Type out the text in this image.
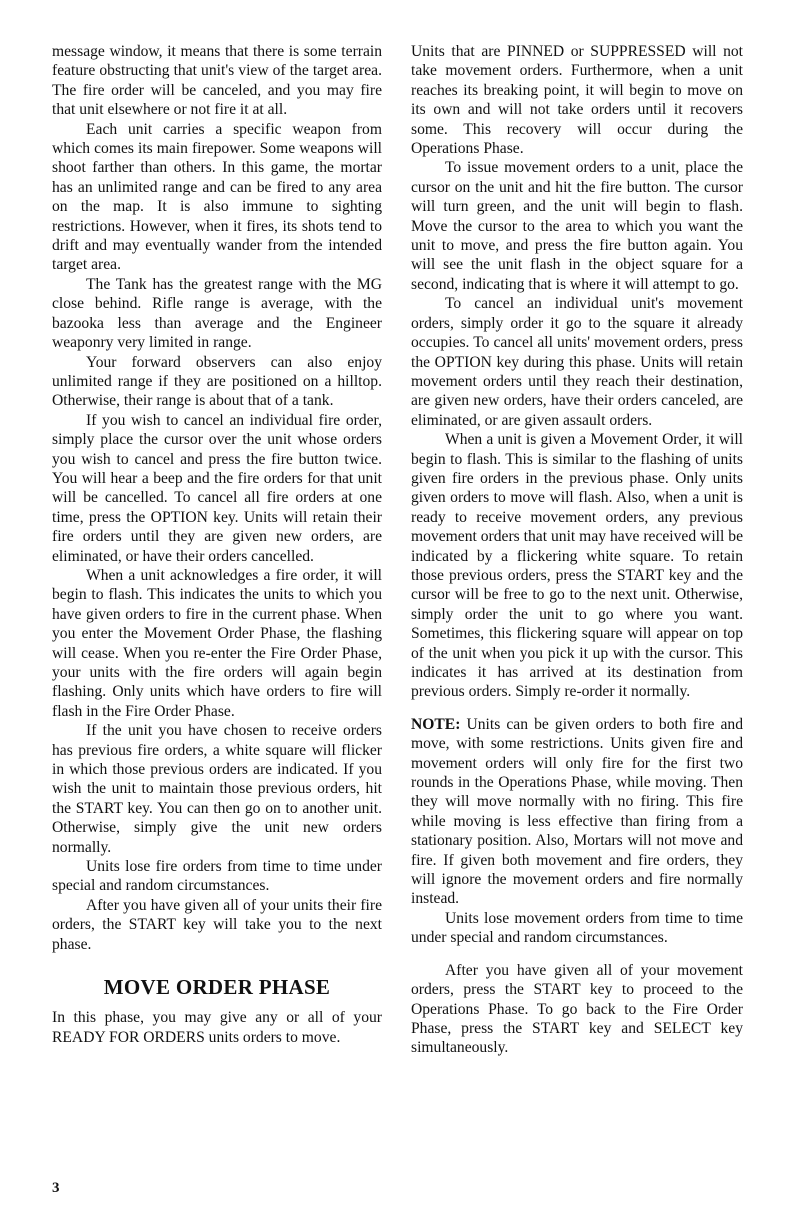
message window, it means that there is some terrain feature obstructing that unit's view of the target area. The fire order will be canceled, and you may fire that unit elsewhere or not fire it at all.

Each unit carries a specific weapon from which comes its main firepower. Some weapons will shoot farther than others. In this game, the mortar has an unlimited range and can be fired to any area on the map. It is also immune to sighting restrictions. However, when it fires, its shots tend to drift and may eventually wander from the intended target area.

The Tank has the greatest range with the MG close behind. Rifle range is average, with the bazooka less than average and the Engineer weaponry very limited in range.

Your forward observers can also enjoy unlimited range if they are positioned on a hilltop. Otherwise, their range is about that of a tank.

If you wish to cancel an individual fire order, simply place the cursor over the unit whose orders you wish to cancel and press the fire button twice. You will hear a beep and the fire orders for that unit will be cancelled. To cancel all fire orders at one time, press the OPTION key. Units will retain their fire orders until they are given new orders, are eliminated, or have their orders cancelled.

When a unit acknowledges a fire order, it will begin to flash. This indicates the units to which you have given orders to fire in the current phase. When you enter the Movement Order Phase, the flashing will cease. When you re-enter the Fire Order Phase, your units with the fire orders will again begin flashing. Only units which have orders to fire will flash in the Fire Order Phase.

If the unit you have chosen to receive orders has previous fire orders, a white square will flicker in which those previous orders are indicated. If you wish the unit to maintain those previous orders, hit the START key. You can then go on to another unit. Otherwise, simply give the unit new orders normally.

Units lose fire orders from time to time under special and random circumstances.

After you have given all of your units their fire orders, the START key will take you to the next phase.

MOVE ORDER PHASE

In this phase, you may give any or all of your READY FOR ORDERS units orders to move.

Units that are PINNED or SUPPRESSED will not take movement orders. Furthermore, when a unit reaches its breaking point, it will begin to move on its own and will not take orders until it recovers some. This recovery will occur during the Operations Phase.

To issue movement orders to a unit, place the cursor on the unit and hit the fire button. The cursor will turn green, and the unit will begin to flash. Move the cursor to the area to which you want the unit to move, and press the fire button again. You will see the unit flash in the object square for a second, indicating that is where it will attempt to go.

To cancel an individual unit's movement orders, simply order it go to the square it already occupies. To cancel all units' movement orders, press the OPTION key during this phase. Units will retain movement orders until they reach their destination, are given new orders, have their orders canceled, are eliminated, or are given assault orders.

When a unit is given a Movement Order, it will begin to flash. This is similar to the flashing of units given fire orders in the previous phase. Only units given orders to move will flash. Also, when a unit is ready to receive movement orders, any previous movement orders that unit may have received will be indicated by a flickering white square. To retain those previous orders, press the START key and the cursor will be free to go to the next unit. Otherwise, simply order the unit to go where you want. Sometimes, this flickering square will appear on top of the unit when you pick it up with the cursor. This indicates it has arrived at its destination from previous orders. Simply re-order it normally.

NOTE: Units can be given orders to both fire and move, with some restrictions. Units given fire and movement orders will only fire for the first two rounds in the Operations Phase, while moving. Then they will move normally with no firing. This fire while moving is less effective than firing from a stationary position. Also, Mortars will not move and fire. If given both movement and fire orders, they will ignore the movement orders and fire normally instead.

Units lose movement orders from time to time under special and random circumstances.

After you have given all of your movement orders, press the START key to proceed to the Operations Phase. To go back to the Fire Order Phase, press the START key and SELECT key simultaneously.

3
